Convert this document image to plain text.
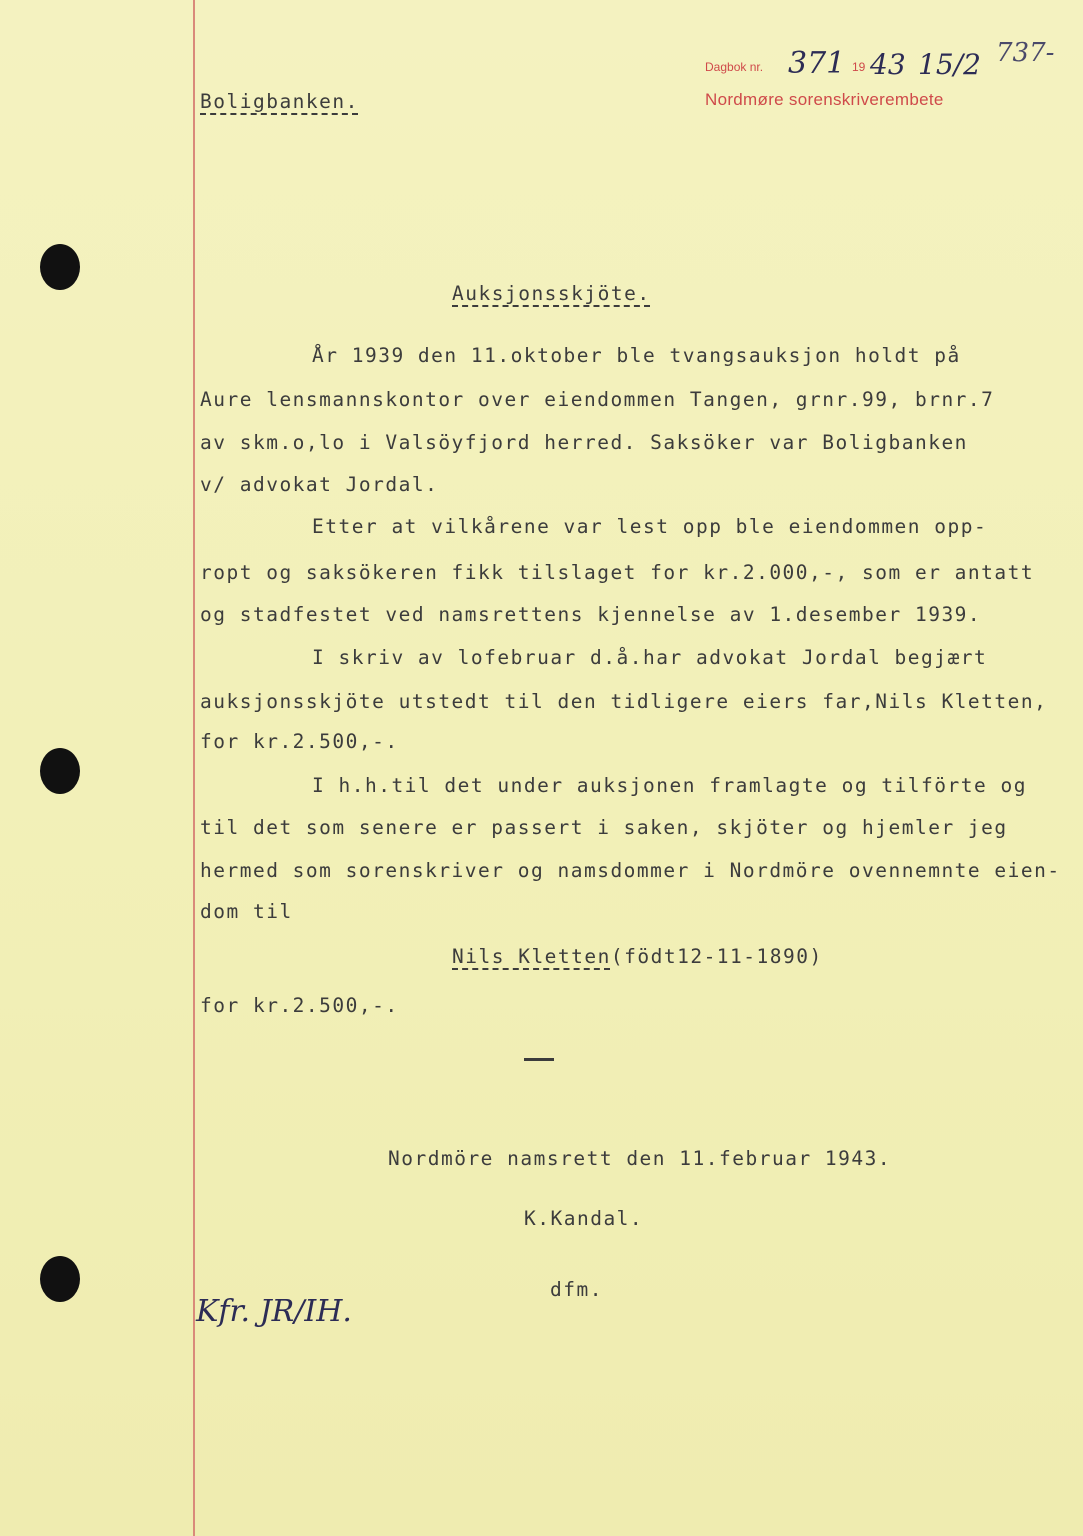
Boligbanken.
Dagbok nr. 371 19 43 15/2
Nordmøre sorenskriverembete
737-
Auksjonsskjöte.
År 1939 den 11.oktober ble tvangsauksjon holdt på
Aure lensmannskontor over eiendommen Tangen, grnr.99, brnr.7
av skm.o,lo i Valsöyfjord herred. Saksöker var Boligbanken
v/ advokat Jordal.
Etter at vilkårene var lest opp ble eiendommen opp-
ropt og saksökeren fikk tilslaget for kr.2.000,-, som er antatt
og stadfestet ved namsrettens kjennelse av 1.desember 1939.
I skriv av lofebruar d.å.har advokat Jordal begjært
auksjonsskjöte utstedt til den tidligere eiers far,Nils Kletten,
for kr.2.500,-.
I h.h.til det under auksjonen framlagte og tilförte og
til det som senere er passert i saken, skjöter og hjemler jeg
hermed som sorenskriver og namsdommer i Nordmöre ovennemnte eien-
dom til
Nils Kletten(födt12-11-1890)
for kr.2.500,-.
Nordmöre namsrett den 11.februar 1943.
K.Kandal.
dfm.
Kfr. JR/IH.
